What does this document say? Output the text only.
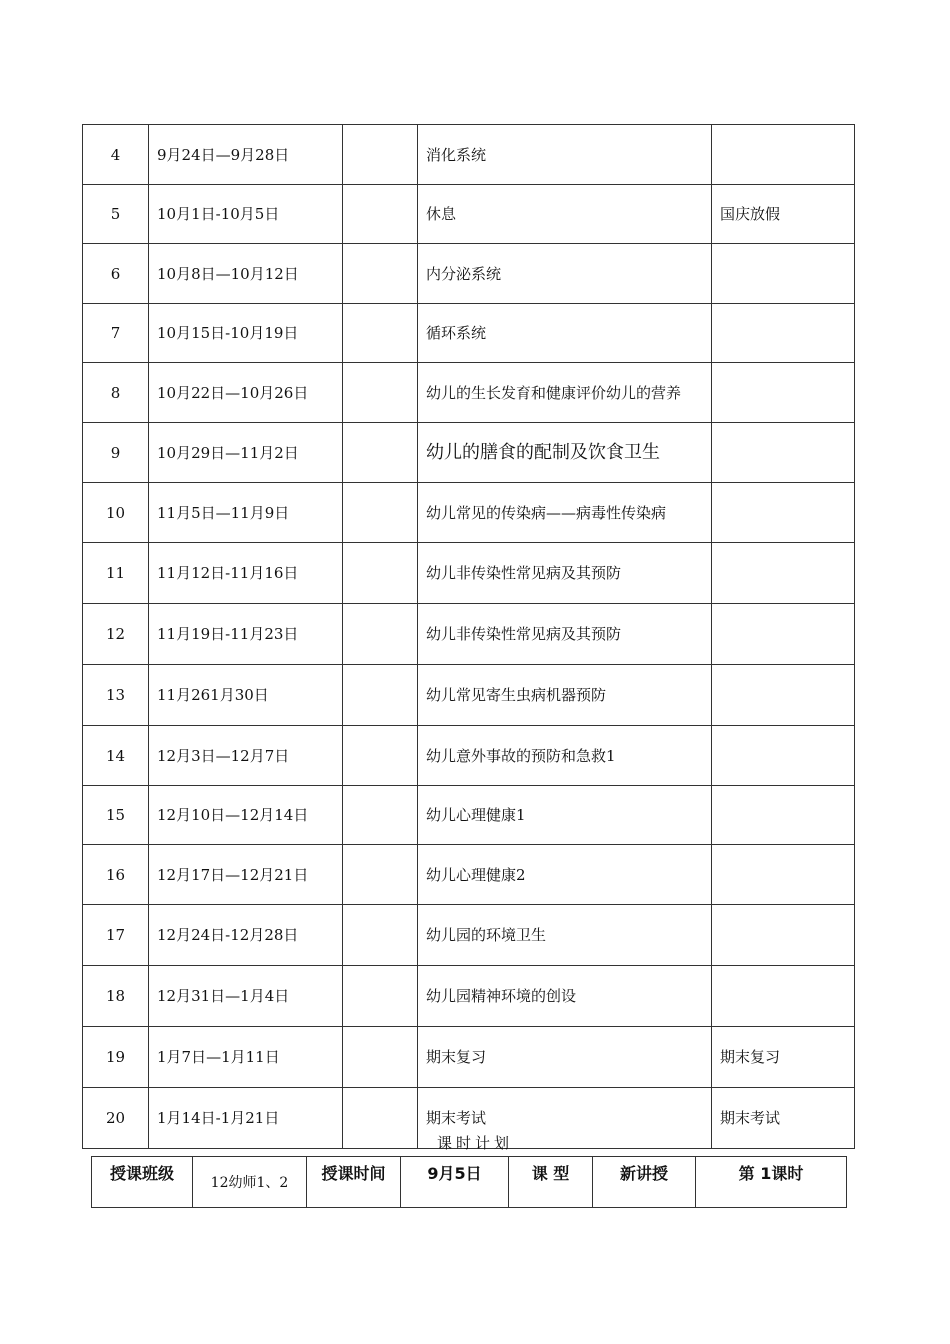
4	9月24日—9月28日		消化系统	
5	10月1日-10月5日		休息	国庆放假
6	10月8日—10月12日		内分泌系统	
7	10月15日-10月19日		循环系统	
8	10月22日—10月26日		幼儿的生长发育和健康评价幼儿的营养	
9	10月29日—11月2日		幼儿的膳食的配制及饮食卫生	
10	11月5日—11月9日		幼儿常见的传染病——病毒性传染病	
11	11月12日-11月16日		幼儿非传染性常见病及其预防	
12	11月19日-11月23日		幼儿非传染性常见病及其预防	
13	11月261月30日		幼儿常见寄生虫病机器预防	
14	12月3日—12月7日		幼儿意外事故的预防和急救1	
15	12月10日—12月14日		幼儿心理健康1	
16	12月17日—12月21日		幼儿心理健康2	
17	12月24日-12月28日		幼儿园的环境卫生	
18	12月31日—1月4日		幼儿园精神环境的创设	
19	1月7日—1月11日		期末复习	期末复习
20	1月14日-1月21日		期末考试	期末考试
课时计划
授课班级	12幼师1、2	授课时间	9月5日	课 型	新讲授	第 1课时
